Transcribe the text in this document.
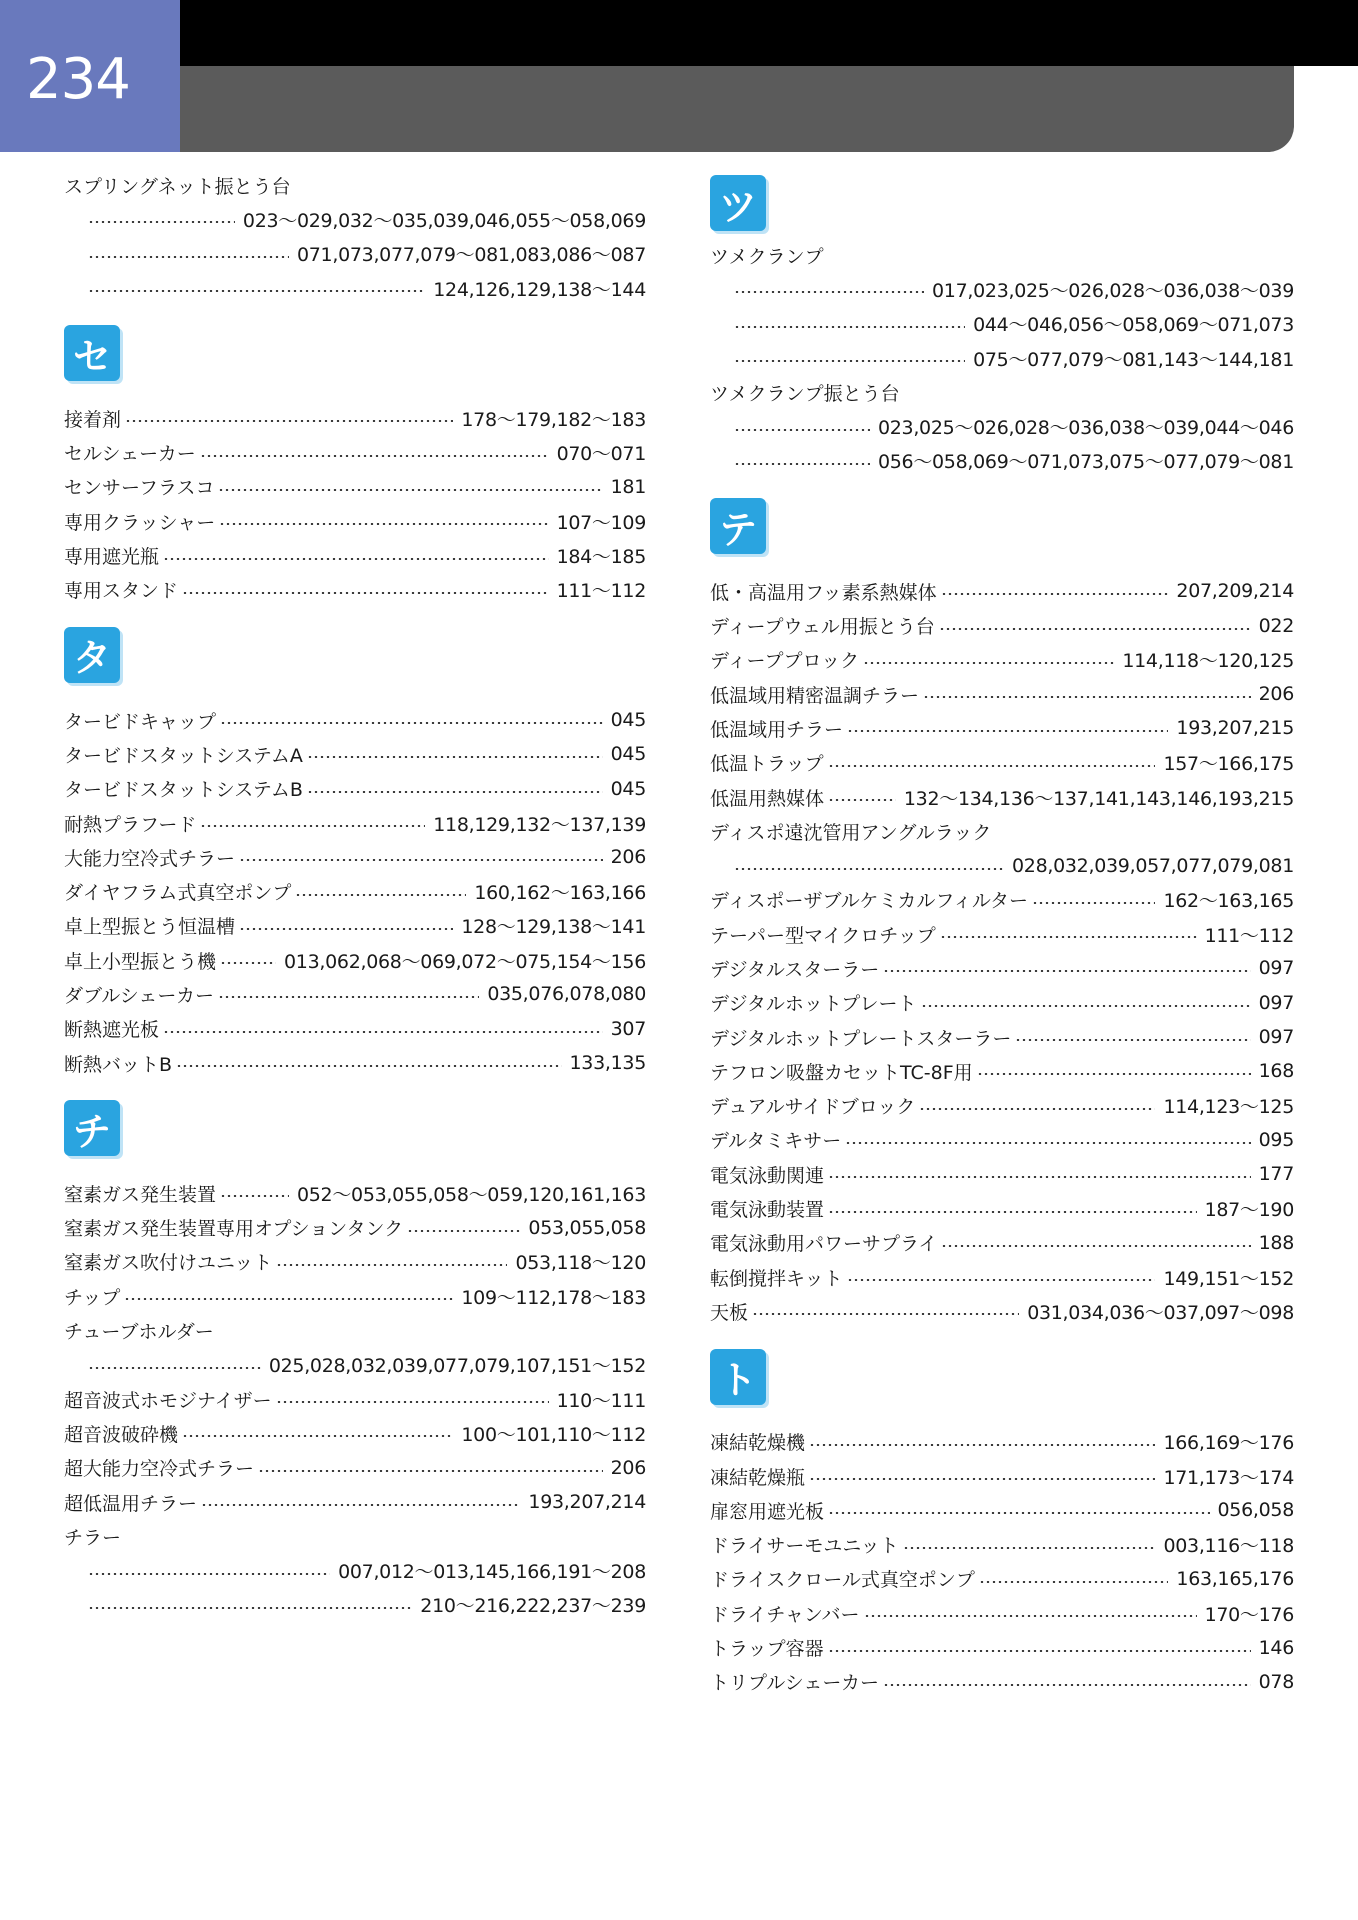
234
スプリングネット振とう台
023～029,032～035,039,046,055～058,069
071,073,077,079～081,083,086～087
124,126,129,138～144
セ
接着剤	178～179,182～183
セルシェーカー	070～071
センサーフラスコ	181
専用クラッシャー	107～109
専用遮光瓶	184～185
専用スタンド	111～112
タ
タービドキャップ	045
タービドスタットシステムA	045
タービドスタットシステムB	045
耐熱プラフード	118,129,132～137,139
大能力空冷式チラー	206
ダイヤフラム式真空ポンプ	160,162～163,166
卓上型振とう恒温槽	128～129,138～141
卓上小型振とう機	013,062,068～069,072～075,154～156
ダブルシェーカー	035,076,078,080
断熱遮光板	307
断熱バットB	133,135
チ
窒素ガス発生装置	052～053,055,058～059,120,161,163
窒素ガス発生装置専用オプションタンク	053,055,058
窒素ガス吹付けユニット	053,118～120
チップ	109～112,178～183
チューブホルダー
025,028,032,039,077,079,107,151～152
超音波式ホモジナイザー	110～111
超音波破砕機	100～101,110～112
超大能力空冷式チラー	206
超低温用チラー	193,207,214
チラー
007,012～013,145,166,191～208
210～216,222,237～239
ツ
ツメクランプ
017,023,025～026,028～036,038～039
044～046,056～058,069～071,073
075～077,079～081,143～144,181
ツメクランプ振とう台
023,025～026,028～036,038～039,044～046
056～058,069～071,073,075～077,079～081
テ
低・高温用フッ素系熱媒体	207,209,214
ディープウェル用振とう台	022
ディーププロック	114,118～120,125
低温域用精密温調チラー	206
低温域用チラー	193,207,215
低温トラップ	157～166,175
低温用熱媒体	132～134,136～137,141,143,146,193,215
ディスポ遠沈管用アングルラック
028,032,039,057,077,079,081
ディスポーザブルケミカルフィルター	162～163,165
テーパー型マイクロチップ	111～112
デジタルスターラー	097
デジタルホットプレート	097
デジタルホットプレートスターラー	097
テフロン吸盤カセットTC-8F用	168
デュアルサイドブロック	114,123～125
デルタミキサー	095
電気泳動関連	177
電気泳動装置	187～190
電気泳動用パワーサプライ	188
転倒撹拌キット	149,151～152
天板	031,034,036～037,097～098
ト
凍結乾燥機	166,169～176
凍結乾燥瓶	171,173～174
扉窓用遮光板	056,058
ドライサーモユニット	003,116～118
ドライスクロール式真空ポンプ	163,165,176
ドライチャンバー	170～176
トラップ容器	146
トリプルシェーカー	078
